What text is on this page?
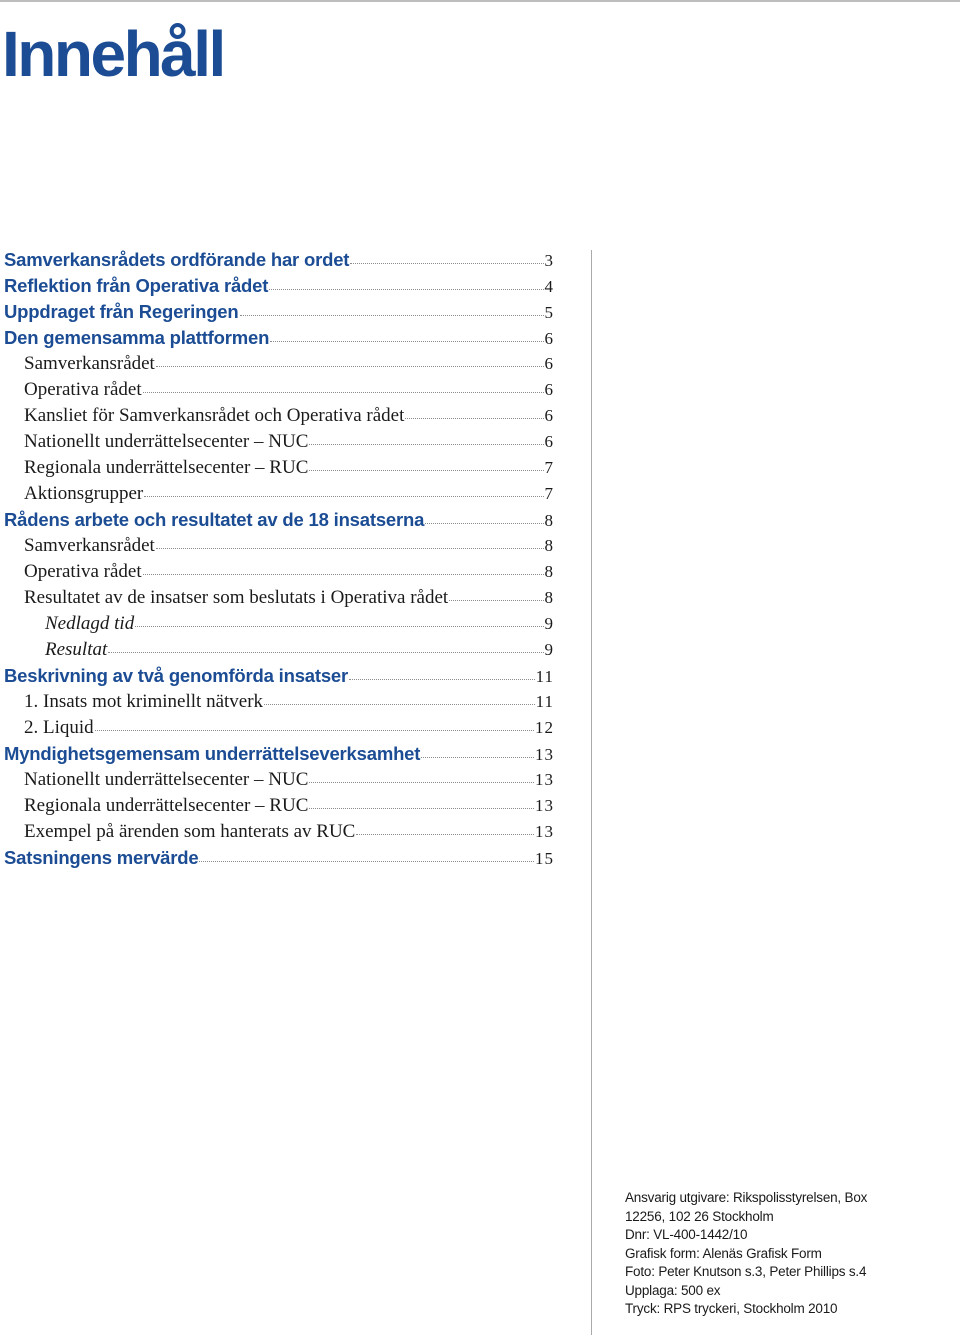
Innehåll
Samverkansrådets ordförande har ordet	3
Reflektion från Operativa rådet	4
Uppdraget från Regeringen	5
Den gemensamma plattformen	6
Samverkansrådet	6
Operativa rådet	6
Kansliet för Samverkansrådet och Operativa rådet	6
Nationellt underrättelsecenter – NUC	6
Regionala underrättelsecenter – RUC	7
Aktionsgrupper	7
Rådens arbete och resultatet av de 18 insatserna	8
Samverkansrådet	8
Operativa rådet	8
Resultatet av de insatser som beslutats i Operativa rådet	8
Nedlagd tid	9
Resultat	9
Beskrivning av två genomförda insatser	11
1. Insats mot kriminellt nätverk	11
2. Liquid	12
Myndighetsgemensam underrättelseverksamhet	13
Nationellt underrättelsecenter – NUC	13
Regionala underrättelsecenter – RUC	13
Exempel på ärenden som hanterats av RUC	13
Satsningens mervärde	15
Ansvarig utgivare: Rikspolisstyrelsen, Box
12256, 102 26 Stockholm
Dnr: VL-400-1442/10
Grafisk form: Alenäs Grafisk Form
Foto: Peter Knutson s.3, Peter Phillips s.4
Upplaga: 500 ex
Tryck: RPS tryckeri, Stockholm 2010
